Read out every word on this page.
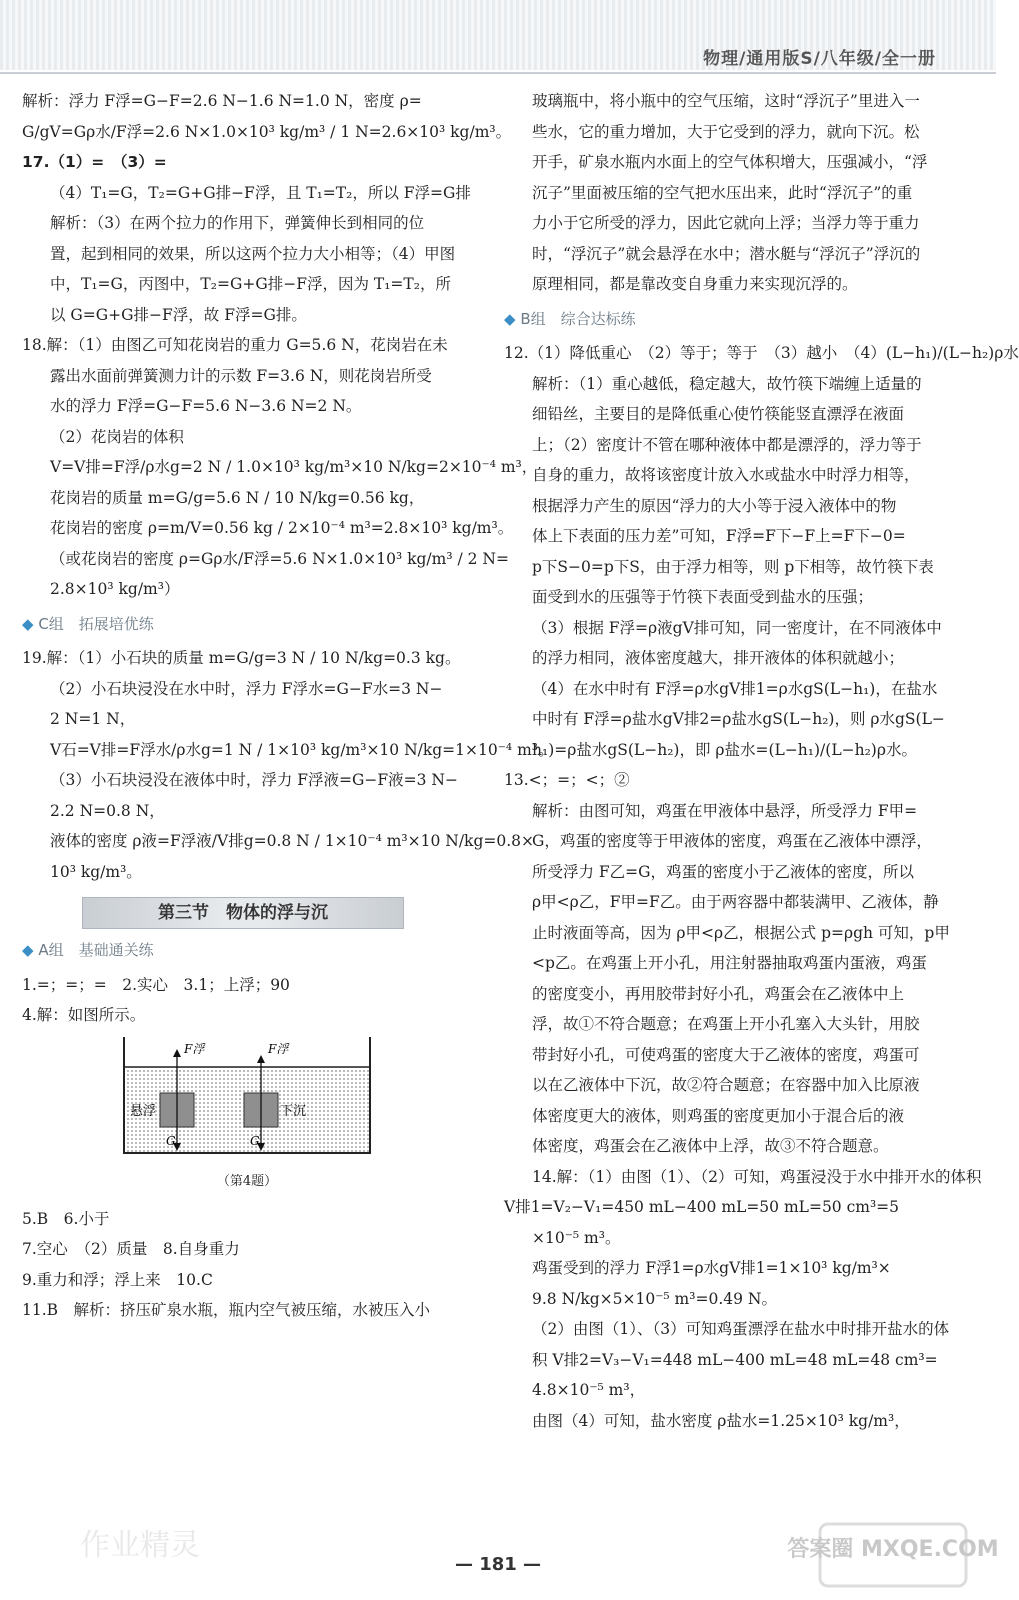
物理/通用版S/八年级/全一册

解析：浮力 F浮=G−F=2.6 N−1.6 N=1.0 N，密度 ρ=

G/gV=Gρ水/F浮=2.6 N×1.0×10³ kg/m³ / 1 N=2.6×10³ kg/m³。

17.（1）=　（3）=

（4）T₁=G，T₂=G+G排−F浮，且 T₁=T₂，所以 F浮=G排

解析：（3）在两个拉力的作用下，弹簧伸长到相同的位

置，起到相同的效果，所以这两个拉力大小相等；（4）甲图

中，T₁=G，丙图中，T₂=G+G排−F浮，因为 T₁=T₂，所

以 G=G+G排−F浮，故 F浮=G排。

18.解：（1）由图乙可知花岗岩的重力 G=5.6 N，花岗岩在未

露出水面前弹簧测力计的示数 F=3.6 N，则花岗岩所受

水的浮力 F浮=G−F=5.6 N−3.6 N=2 N。

（2）花岗岩的体积

V=V排=F浮/ρ水g=2 N / 1.0×10³ kg/m³×10 N/kg=2×10⁻⁴ m³，

花岗岩的质量 m=G/g=5.6 N / 10 N/kg=0.56 kg，

花岗岩的密度 ρ=m/V=0.56 kg / 2×10⁻⁴ m³=2.8×10³ kg/m³。

（或花岗岩的密度 ρ=Gρ水/F浮=5.6 N×1.0×10³ kg/m³ / 2 N=

2.8×10³ kg/m³）

◆ C组　拓展培优练

19.解：（1）小石块的质量 m=G/g=3 N / 10 N/kg=0.3 kg。

（2）小石块浸没在水中时，浮力 F浮水=G−F水=3 N−

2 N=1 N，

V石=V排=F浮水/ρ水g=1 N / 1×10³ kg/m³×10 N/kg=1×10⁻⁴ m³。

（3）小石块浸没在液体中时，浮力 F浮液=G−F液=3 N−

2.2 N=0.8 N，

液体的密度 ρ液=F浮液/V排g=0.8 N / 1×10⁻⁴ m³×10 N/kg=0.8×

10³ kg/m³。

第三节　物体的浮与沉

◆ A组　基础通关练

1.=；=；=　2.实心　3.1；上浮；90

4.解：如图所示。

F浮	F浮
悬浮	下沉
G	G
（第4题）

5.B　6.小于

7.空心　（2）质量　8.自身重力

9.重力和浮；浮上来　10.C

11.B　解析：挤压矿泉水瓶，瓶内空气被压缩，水被压入小

玻璃瓶中，将小瓶中的空气压缩，这时“浮沉子”里进入一

些水，它的重力增加，大于它受到的浮力，就向下沉。松

开手，矿泉水瓶内水面上的空气体积增大，压强减小，“浮

沉子”里面被压缩的空气把水压出来，此时“浮沉子”的重

力小于它所受的浮力，因此它就向上浮；当浮力等于重力

时，“浮沉子”就会悬浮在水中；潜水艇与“浮沉子”浮沉的

原理相同，都是靠改变自身重力来实现沉浮的。

◆ B组　综合达标练

12.（1）降低重心　（2）等于；等于　（3）越小　（4）(L−h₁)/(L−h₂)ρ水

解析：（1）重心越低，稳定越大，故竹筷下端缠上适量的

细铅丝，主要目的是降低重心使竹筷能竖直漂浮在液面

上；（2）密度计不管在哪种液体中都是漂浮的，浮力等于

自身的重力，故将该密度计放入水或盐水中时浮力相等，

根据浮力产生的原因“浮力的大小等于浸入液体中的物

体上下表面的压力差”可知，F浮=F下−F上=F下−0=

p下S−0=p下S，由于浮力相等，则 p下相等，故竹筷下表

面受到水的压强等于竹筷下表面受到盐水的压强；

（3）根据 F浮=ρ液gV排可知，同一密度计，在不同液体中

的浮力相同，液体密度越大，排开液体的体积就越小；

（4）在水中时有 F浮=ρ水gV排1=ρ水gS(L−h₁)，在盐水

中时有 F浮=ρ盐水gV排2=ρ盐水gS(L−h₂)，则 ρ水gS(L−

h₁)=ρ盐水gS(L−h₂)，即 ρ盐水=(L−h₁)/(L−h₂)ρ水。

13.<；=；<；②

解析：由图可知，鸡蛋在甲液体中悬浮，所受浮力 F甲=

G，鸡蛋的密度等于甲液体的密度，鸡蛋在乙液体中漂浮，

所受浮力 F乙=G，鸡蛋的密度小于乙液体的密度，所以

ρ甲<ρ乙，F甲=F乙。由于两容器中都装满甲、乙液体，静

止时液面等高，因为 ρ甲<ρ乙，根据公式 p=ρgh 可知，p甲

<p乙。在鸡蛋上开小孔，用注射器抽取鸡蛋内蛋液，鸡蛋

的密度变小，再用胶带封好小孔，鸡蛋会在乙液体中上

浮，故①不符合题意；在鸡蛋上开小孔塞入大头针，用胶

带封好小孔，可使鸡蛋的密度大于乙液体的密度，鸡蛋可

以在乙液体中下沉，故②符合题意；在容器中加入比原液

体密度更大的液体，则鸡蛋的密度更加小于混合后的液

体密度，鸡蛋会在乙液体中上浮，故③不符合题意。

14.解：（1）由图（1）、（2）可知，鸡蛋浸没于水中排开水的体积

V排1=V₂−V₁=450 mL−400 mL=50 mL=50 cm³=5

×10⁻⁵ m³。

鸡蛋受到的浮力 F浮1=ρ水gV排1=1×10³ kg/m³×

9.8 N/kg×5×10⁻⁵ m³=0.49 N。

（2）由图（1）、（3）可知鸡蛋漂浮在盐水中时排开盐水的体

积 V排2=V₃−V₁=448 mL−400 mL=48 mL=48 cm³=

4.8×10⁻⁵ m³，

由图（4）可知，盐水密度 ρ盐水=1.25×10³ kg/m³，

作业精灵
— 181 —
答案圈 MXQE.COM
